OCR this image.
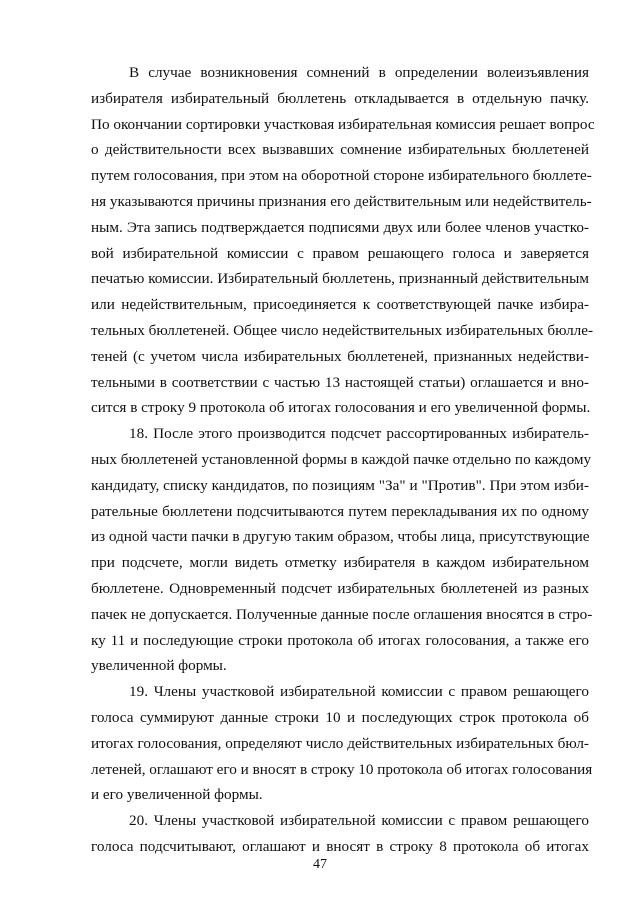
В случае возникновения сомнений в определении волеизъявления
избирателя избирательный бюллетень откладывается в отдельную пачку.
По окончании сортировки участковая избирательная комиссия решает вопрос
о действительности всех вызвавших сомнение избирательных бюллетеней
путем голосования, при этом на оборотной стороне избирательного бюллете-
ня указываются причины признания его действительным или недействитель-
ным. Эта запись подтверждается подписями двух или более членов участко-
вой избирательной комиссии с правом решающего голоса и заверяется
печатью комиссии. Избирательный бюллетень, признанный действительным
или недействительным, присоединяется к соответствующей пачке избира-
тельных бюллетеней. Общее число недействительных избирательных бюлле-
теней (с учетом числа избирательных бюллетеней, признанных недействи-
тельными в соответствии с частью 13 настоящей статьи) оглашается и вно-
сится в строку 9 протокола об итогах голосования и его увеличенной формы.
18. После этого производится подсчет рассортированных избиратель-
ных бюллетеней установленной формы в каждой пачке отдельно по каждому
кандидату, списку кандидатов, по позициям "За" и "Против". При этом изби-
рательные бюллетени подсчитываются путем перекладывания их по одному
из одной части пачки в другую таким образом, чтобы лица, присутствующие
при подсчете, могли видеть отметку избирателя в каждом избирательном
бюллетене. Одновременный подсчет избирательных бюллетеней из разных
пачек не допускается. Полученные данные после оглашения вносятся в стро-
ку 11 и последующие строки протокола об итогах голосования, а также его
увеличенной формы.
19. Члены участковой избирательной комиссии с правом решающего
голоса суммируют данные строки 10 и последующих строк протокола об
итогах голосования, определяют число действительных избирательных бюл-
летеней, оглашают его и вносят в строку 10 протокола об итогах голосования
и его увеличенной формы.
20. Члены участковой избирательной комиссии с правом решающего
голоса подсчитывают, оглашают и вносят в строку 8 протокола об итогах
47
